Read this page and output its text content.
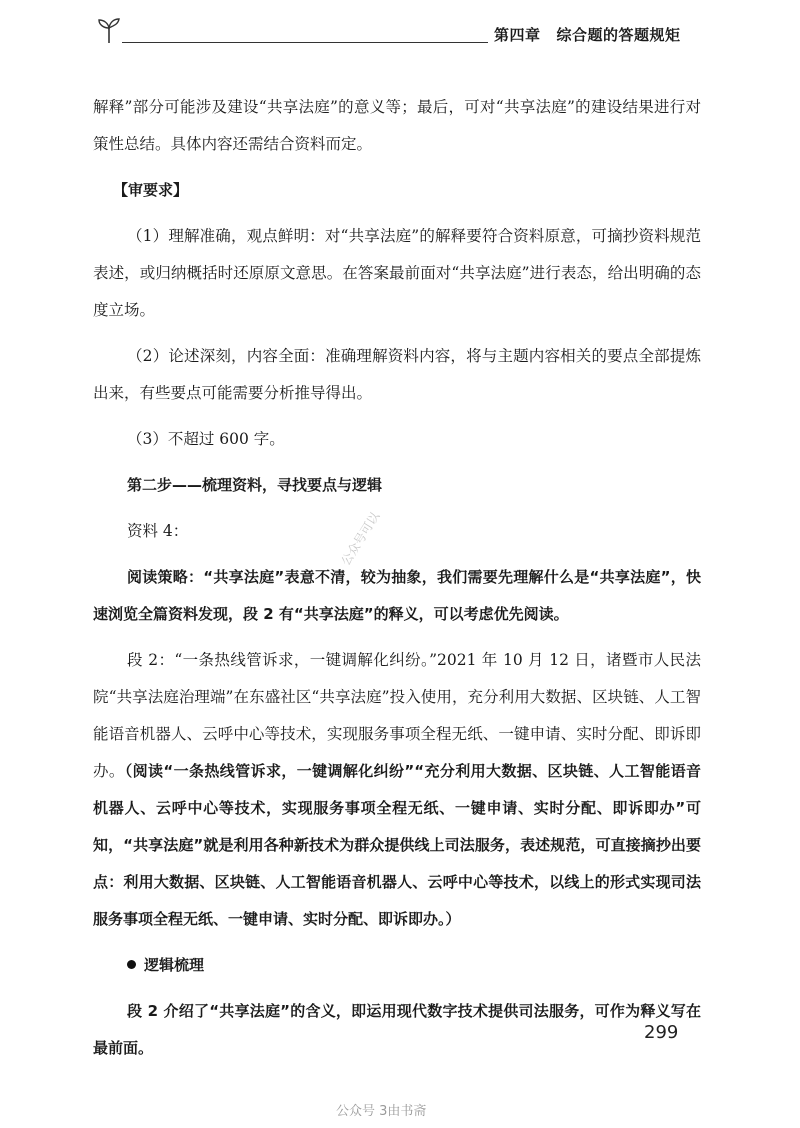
第四章 综合题的答题规矩

解释”部分可能涉及建设“共享法庭”的意义等；最后，可对“共享法庭”的建设结果进行对策性总结。具体内容还需结合资料而定。

【审要求】

（1）理解准确，观点鲜明：对“共享法庭”的解释要符合资料原意，可摘抄资料规范表述，或归纳概括时还原原文意思。在答案最前面对“共享法庭”进行表态，给出明确的态度立场。

（2）论述深刻，内容全面：准确理解资料内容，将与主题内容相关的要点全部提炼出来，有些要点可能需要分析推导得出。

（3）不超过 600 字。

第二步——梳理资料，寻找要点与逻辑

资料 4：

阅读策略：“共享法庭”表意不清，较为抽象，我们需要先理解什么是“共享法庭”，快速浏览全篇资料发现，段 2 有“共享法庭”的释义，可以考虑优先阅读。

段 2：“一条热线管诉求，一键调解化纠纷。”2021 年 10 月 12 日，诸暨市人民法院“共享法庭治理端”在东盛社区“共享法庭”投入使用，充分利用大数据、区块链、人工智能语音机器人、云呼中心等技术，实现服务事项全程无纸、一键申请、实时分配、即诉即办。（阅读“一条热线管诉求，一键调解化纠纷”“充分利用大数据、区块链、人工智能语音机器人、云呼中心等技术，实现服务事项全程无纸、一键申请、实时分配、即诉即办”可知，“共享法庭”就是利用各种新技术为群众提供线上司法服务，表述规范，可直接摘抄出要点：利用大数据、区块链、人工智能语音机器人、云呼中心等技术，以线上的形式实现司法服务事项全程无纸、一键申请、实时分配、即诉即办。）

逻辑梳理

段 2 介绍了“共享法庭”的含义，即运用现代数字技术提供司法服务，可作为释义写在最前面。

公众号可以
299
公众号 3由书斋
